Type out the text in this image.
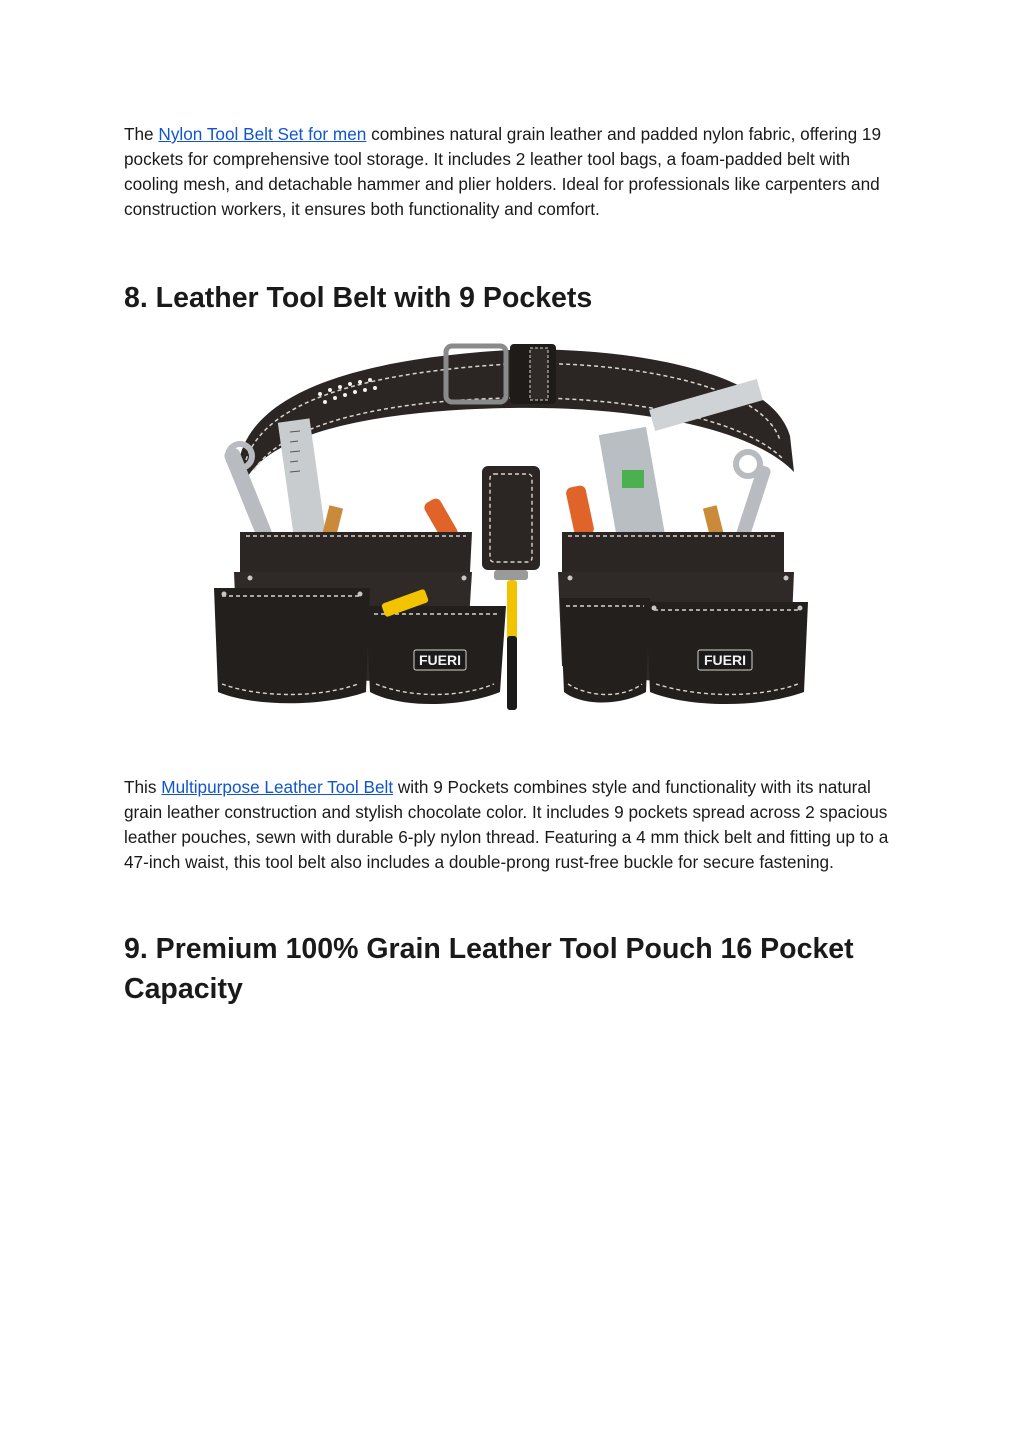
The Nylon Tool Belt Set for men combines natural grain leather and padded nylon fabric, offering 19 pockets for comprehensive tool storage. It includes 2 leather tool bags, a foam-padded belt with cooling mesh, and detachable hammer and plier holders. Ideal for professionals like carpenters and construction workers, it ensures both functionality and comfort.

8. Leather Tool Belt with 9 Pockets
FUERI	FUERI

This Multipurpose Leather Tool Belt with 9 Pockets combines style and functionality with its natural grain leather construction and stylish chocolate color. It includes 9 pockets spread across 2 spacious leather pouches, sewn with durable 6-ply nylon thread. Featuring a 4 mm thick belt and fitting up to a 47-inch waist, this tool belt also includes a double-prong rust-free buckle for secure fastening.

9. Premium 100% Grain Leather Tool Pouch 16 Pocket Capacity
